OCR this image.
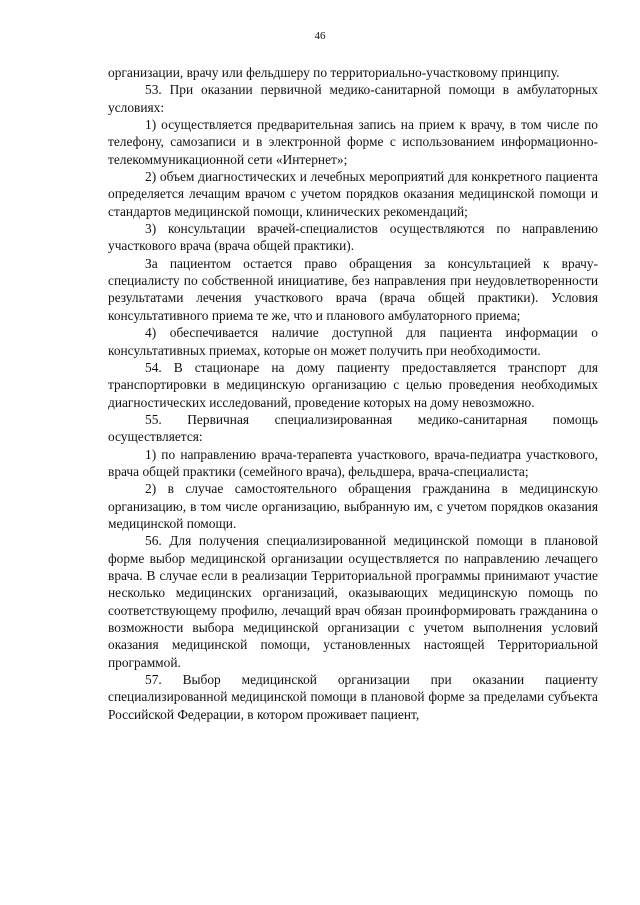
46

организации, врачу или фельдшеру по территориально-участковому принципу.

53. При оказании первичной медико-санитарной помощи в амбулаторных условиях:

1) осуществляется предварительная запись на прием к врачу, в том числе по телефону, самозаписи и в электронной форме с использованием информационно-телекоммуникационной сети «Интернет»;

2) объем диагностических и лечебных мероприятий для конкретного пациента определяется лечащим врачом с учетом порядков оказания медицинской помощи и стандартов медицинской помощи, клинических рекомендаций;

3) консультации врачей-специалистов осуществляются по направлению участкового врача (врача общей практики).

За пациентом остается право обращения за консультацией к врачу-специалисту по собственной инициативе, без направления при неудовлетворенности результатами лечения участкового врача (врача общей практики). Условия консультативного приема те же, что и планового амбулаторного приема;

4) обеспечивается наличие доступной для пациента информации о консультативных приемах, которые он может получить при необходимости.

54. В стационаре на дому пациенту предоставляется транспорт для транспортировки в медицинскую организацию с целью проведения необходимых диагностических исследований, проведение которых на дому невозможно.

55. Первичная специализированная медико-санитарная помощь осуществляется:

1) по направлению врача-терапевта участкового, врача-педиатра участкового, врача общей практики (семейного врача), фельдшера, врача-специалиста;

2) в случае самостоятельного обращения гражданина в медицинскую организацию, в том числе организацию, выбранную им, с учетом порядков оказания медицинской помощи.

56. Для получения специализированной медицинской помощи в плановой форме выбор медицинской организации осуществляется по направлению лечащего врача. В случае если в реализации Территориальной программы принимают участие несколько медицинских организаций, оказывающих медицинскую помощь по соответствующему профилю, лечащий врач обязан проинформировать гражданина о возможности выбора медицинской организации с учетом выполнения условий оказания медицинской помощи, установленных настоящей Территориальной программой.

57. Выбор медицинской организации при оказании пациенту специализированной медицинской помощи в плановой форме за пределами субъекта Российской Федерации, в котором проживает пациент,
